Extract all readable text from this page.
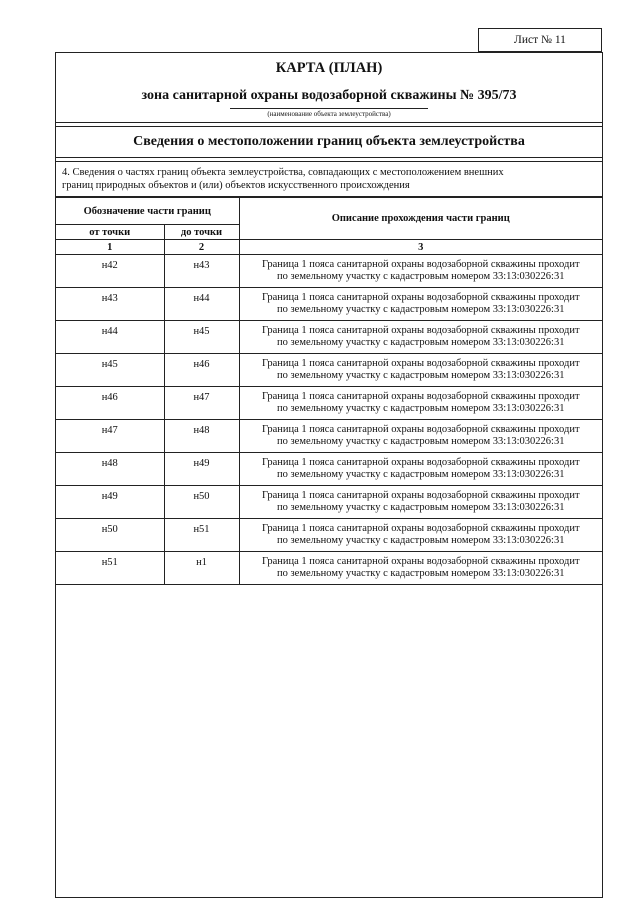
Лист № 11
КАРТА (ПЛАН)
зона санитарной охраны водозаборной скважины № 395/73
(наименование объекта землеустройства)
Сведения о местоположении границ объекта землеустройства
4. Сведения о частях границ объекта землеустройства, совпадающих с местоположением внешних
границ природных объектов и (или) объектов искусственного происхождения
Обозначение части границ		Описание прохождения части границ
от точки	до точки	
1	2	3
н42	н43	Граница 1 пояса санитарной охраны водозаборной скважины проходит
по земельному участку с кадастровым номером 33:13:030226:31

н43	н44	Граница 1 пояса санитарной охраны водозаборной скважины проходит
по земельному участку с кадастровым номером 33:13:030226:31

н44	н45	Граница 1 пояса санитарной охраны водозаборной скважины проходит
по земельному участку с кадастровым номером 33:13:030226:31

н45	н46	Граница 1 пояса санитарной охраны водозаборной скважины проходит
по земельному участку с кадастровым номером 33:13:030226:31

н46	н47	Граница 1 пояса санитарной охраны водозаборной скважины проходит
по земельному участку с кадастровым номером 33:13:030226:31

н47	н48	Граница 1 пояса санитарной охраны водозаборной скважины проходит
по земельному участку с кадастровым номером 33:13:030226:31

н48	н49	Граница 1 пояса санитарной охраны водозаборной скважины проходит
по земельному участку с кадастровым номером 33:13:030226:31

н49	н50	Граница 1 пояса санитарной охраны водозаборной скважины проходит
по земельному участку с кадастровым номером 33:13:030226:31

н50	н51	Граница 1 пояса санитарной охраны водозаборной скважины проходит
по земельному участку с кадастровым номером 33:13:030226:31

н51	н1	Граница 1 пояса санитарной охраны водозаборной скважины проходит
по земельному участку с кадастровым номером 33:13:030226:31
